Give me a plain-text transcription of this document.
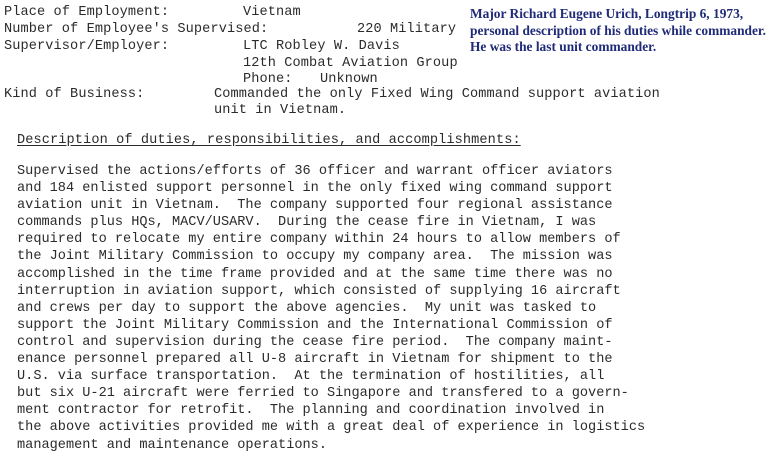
Major Richard Eugene Urich, Longtrip 6, 1973, personal description of his duties while commander. He was the last unit commander.
Place of Employment:	Vietnam
Number of Employee's Supervised:	220 Military
Supervisor/Employer:	LTC Robley W. Davis
12th Combat Aviation Group
Phone: Unknown
Kind of Business:	Commanded the only Fixed Wing Command support aviation
unit in Vietnam.
Description of duties, responsibilities, and accomplishments:
Supervised the actions/efforts of 36 officer and warrant officer aviators
and 184 enlisted support personnel in the only fixed wing command support
aviation unit in Vietnam.  The company supported four regional assistance
commands plus HQs, MACV/USARV.  During the cease fire in Vietnam, I was
required to relocate my entire company within 24 hours to allow members of
the Joint Military Commission to occupy my company area.  The mission was
accomplished in the time frame provided and at the same time there was no
interruption in aviation support, which consisted of supplying 16 aircraft
and crews per day to support the above agencies.  My unit was tasked to
support the Joint Military Commission and the International Commission of
control and supervision during the cease fire period.  The company maint-
enance personnel prepared all U-8 aircraft in Vietnam for shipment to the
U.S. via surface transportation.  At the termination of hostilities, all
but six U-21 aircraft were ferried to Singapore and transfered to a govern-
ment contractor for retrofit.  The planning and coordination involved in
the above activities provided me with a great deal of experience in logistics
management and maintenance operations.
